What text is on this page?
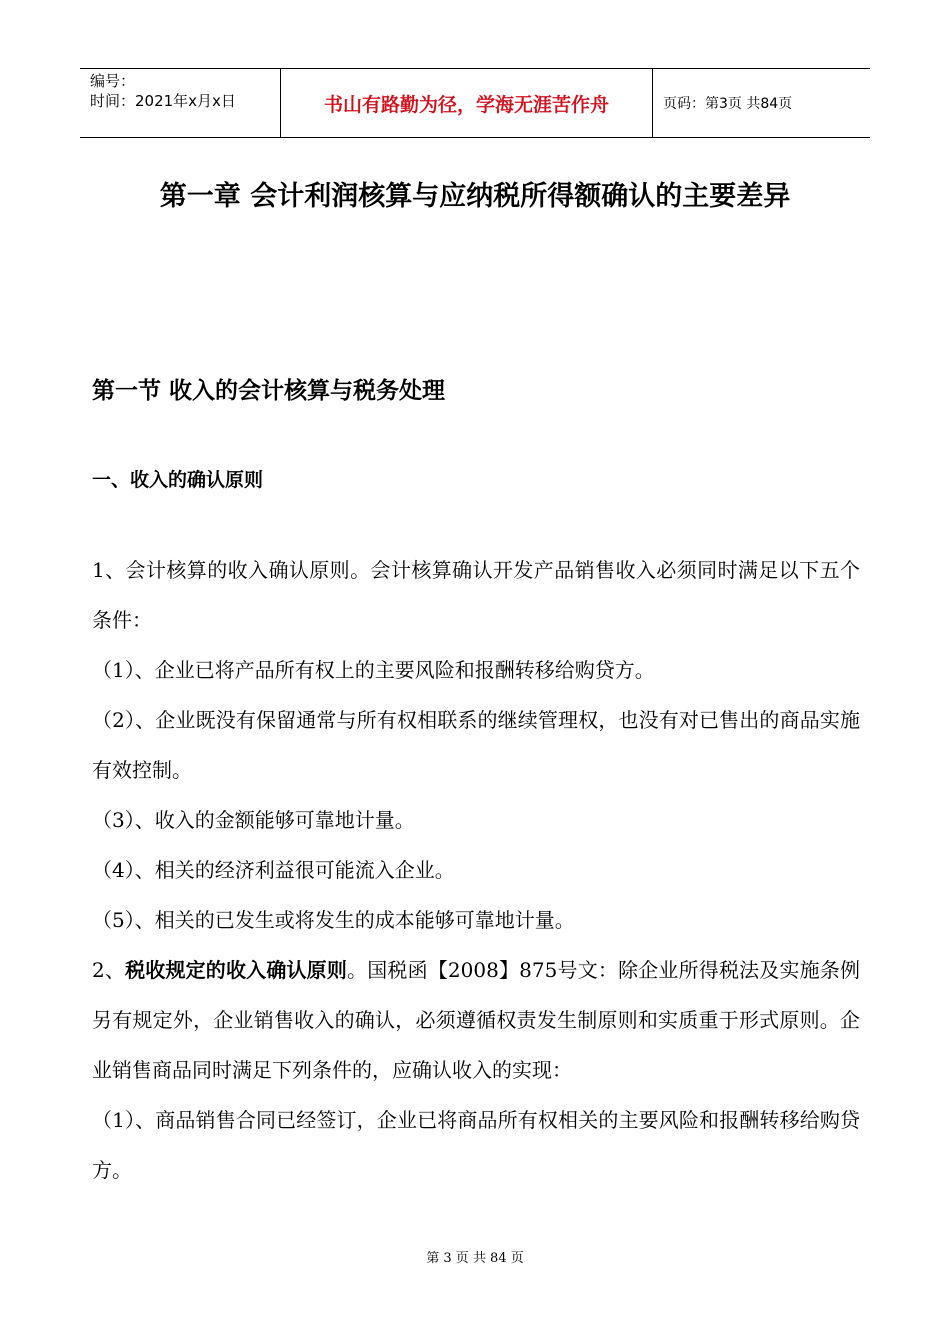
编号：
时间：2021年x月x日	书山有路勤为径，学海无涯苦作舟	页码：第3页 共84页
第一章 会计利润核算与应纳税所得额确认的主要差异
第一节 收入的会计核算与税务处理
一、收入的确认原则

1、会计核算的收入确认原则。会计核算确认开发产品销售收入必须同时满足以下五个条件：

（1）、企业已将产品所有权上的主要风险和报酬转移给购贷方。

（2）、企业既没有保留通常与所有权相联系的继续管理权，也没有对已售出的商品实施有效控制。

（3）、收入的金额能够可靠地计量。

（4）、相关的经济利益很可能流入企业。

（5）、相关的已发生或将发生的成本能够可靠地计量。

2、税收规定的收入确认原则。国税函【2008】875号文：除企业所得税法及实施条例另有规定外，企业销售收入的确认，必须遵循权责发生制原则和实质重于形式原则。企业销售商品同时满足下列条件的，应确认收入的实现：

（1）、商品销售合同已经签订，企业已将商品所有权相关的主要风险和报酬转移给购贷方。

第 3 页 共 84 页
